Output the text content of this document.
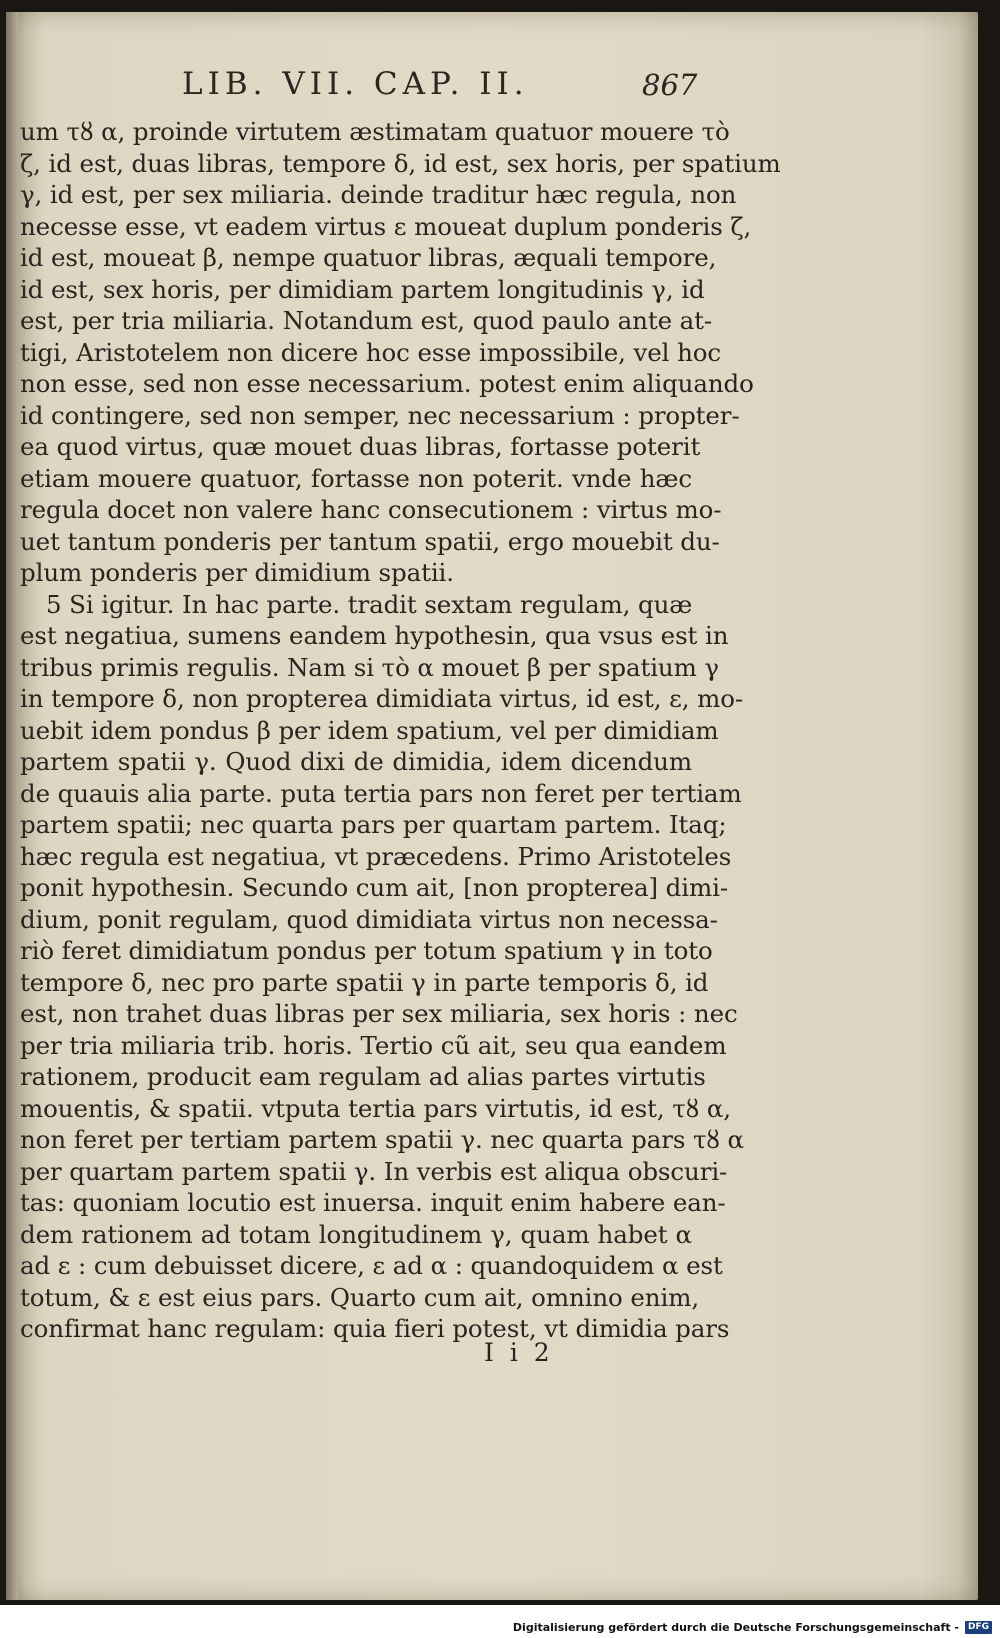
LIB. VII. CAP. II.	867
um τȣ α, proinde virtutem æstimatam quatuor mouere τὸ
ζ, id est, duas libras, tempore δ, id est, sex horis, per spatium
γ, id est, per sex miliaria. deinde traditur hæc regula, non
necesse esse, vt eadem virtus ε moueat duplum ponderis ζ,
id est, moueat β, nempe quatuor libras, æquali tempore,
id est, sex horis, per dimidiam partem longitudinis γ, id
est, per tria miliaria. Notandum est, quod paulo ante at-
tigi, Aristotelem non dicere hoc esse impossibile, vel hoc
non esse, sed non esse necessarium. potest enim aliquando
id contingere, sed non semper, nec necessarium : propter-
ea quod virtus, quæ mouet duas libras, fortasse poterit
etiam mouere quatuor, fortasse non poterit. vnde hæc
regula docet non valere hanc consecutionem : virtus mo-
uet tantum ponderis per tantum spatii, ergo mouebit du-
plum ponderis per dimidium spatii.
5 Si igitur. In hac parte. tradit sextam regulam, quæ
est negatiua, sumens eandem hypothesin, qua vsus est in
tribus primis regulis. Nam si τὸ α mouet β per spatium γ
in tempore δ, non propterea dimidiata virtus, id est, ε, mo-
uebit idem pondus β per idem spatium, vel per dimidiam
partem spatii γ. Quod dixi de dimidia, idem dicendum
de quauis alia parte. puta tertia pars non feret per tertiam
partem spatii; nec quarta pars per quartam partem. Itaq;
hæc regula est negatiua, vt præcedens. Primo Aristoteles
ponit hypothesin. Secundo cum ait, [non propterea] dimi-
dium, ponit regulam, quod dimidiata virtus non necessa-
riò feret dimidiatum pondus per totum spatium γ in toto
tempore δ, nec pro parte spatii γ in parte temporis δ, id
est, non trahet duas libras per sex miliaria, sex horis : nec
per tria miliaria trib. horis. Tertio cũ ait, seu qua eandem
rationem, producit eam regulam ad alias partes virtutis
mouentis, & spatii. vtputa tertia pars virtutis, id est, τȣ α,
non feret per tertiam partem spatii γ. nec quarta pars τȣ α
per quartam partem spatii γ. In verbis est aliqua obscuri-
tas: quoniam locutio est inuersa. inquit enim habere ean-
dem rationem ad totam longitudinem γ, quam habet α
ad ε : cum debuisset dicere, ε ad α : quandoquidem α est
totum, & ε est eius pars. Quarto cum ait, omnino enim,
confirmat hanc regulam: quia fieri potest, vt dimidia pars
I i 2
Digitalisierung gefördert durch die Deutsche Forschungsgemeinschaft -	DFG
